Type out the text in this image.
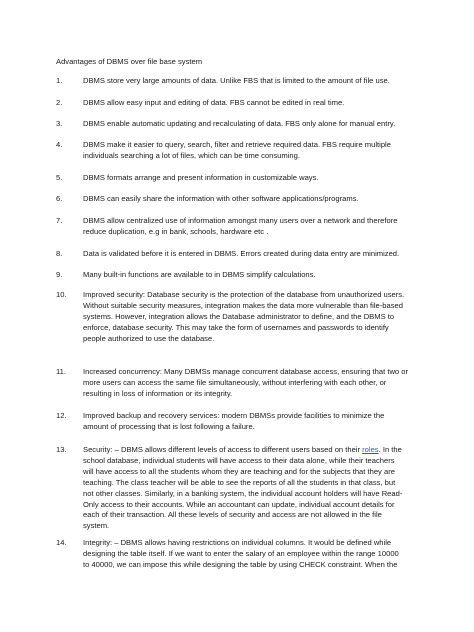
Advantages of DBMS over file base system
1.	DBMS store very large amounts of data. Unlike FBS that is limited to the amount of file use.
2.	DBMS allow easy input and editing of data. FBS cannot be edited in real time.
3.	DBMS enable automatic updating and recalculating of data. FBS only alone for manual entry.
4.	DBMS make it easier to query, search, filter and retrieve required data. FBS require multiple
individuals searching a lot of files, which can be time consuming.
5.	DBMS formats arrange and present information in customizable ways.
6.	DBMS can easily share the information with other software applications/programs.
7.	DBMS allow centralized use of information amongst many users over a network and therefore
reduce duplication, e.g in bank, schools, hardware etc .
8.	Data is validated before it is entered in DBMS. Errors created during data entry are minimized.
9.	Many built-in functions are available to in DBMS simplify calculations.
10. Improved security: Database security is the protection of the database from unauthorized users.
Without suitable security measures, integration makes the data more vulnerable than file-based
systems. However, integration allows the Database administrator to define, and the DBMS to
enforce, database security. This may take the form of usernames and passwords to identify
people authorized to use the database.
11. Increased concurrency: Many DBMSs manage concurrent database access, ensuring that two or
more users can access the same file simultaneously, without interfering with each other, or
resulting in loss of information or its integrity.
12. Improved backup and recovery services: modern DBMSs provide facilities to minimize the
amount of processing that is lost following a failure.
13. Security: – DBMS allows different levels of access to different users based on their roles. In the
school database, individual students will have access to their data alone, while their teachers
will have access to all the students whom they are teaching and for the subjects that they are
teaching. The class teacher will be able to see the reports of all the students in that class, but
not other classes. Similarly, in a banking system, the individual account holders will have Read-
Only access to their accounts. While an accountant can update, individual account details for
each of their transaction. All these levels of security and access are not allowed in the file
system.
14. Integrity: – DBMS allows having restrictions on individual columns. It would be defined while
designing the table itself. If we want to enter the salary of an employee within the range 10000
to 40000, we can impose this while designing the table by using CHECK constraint. When the
